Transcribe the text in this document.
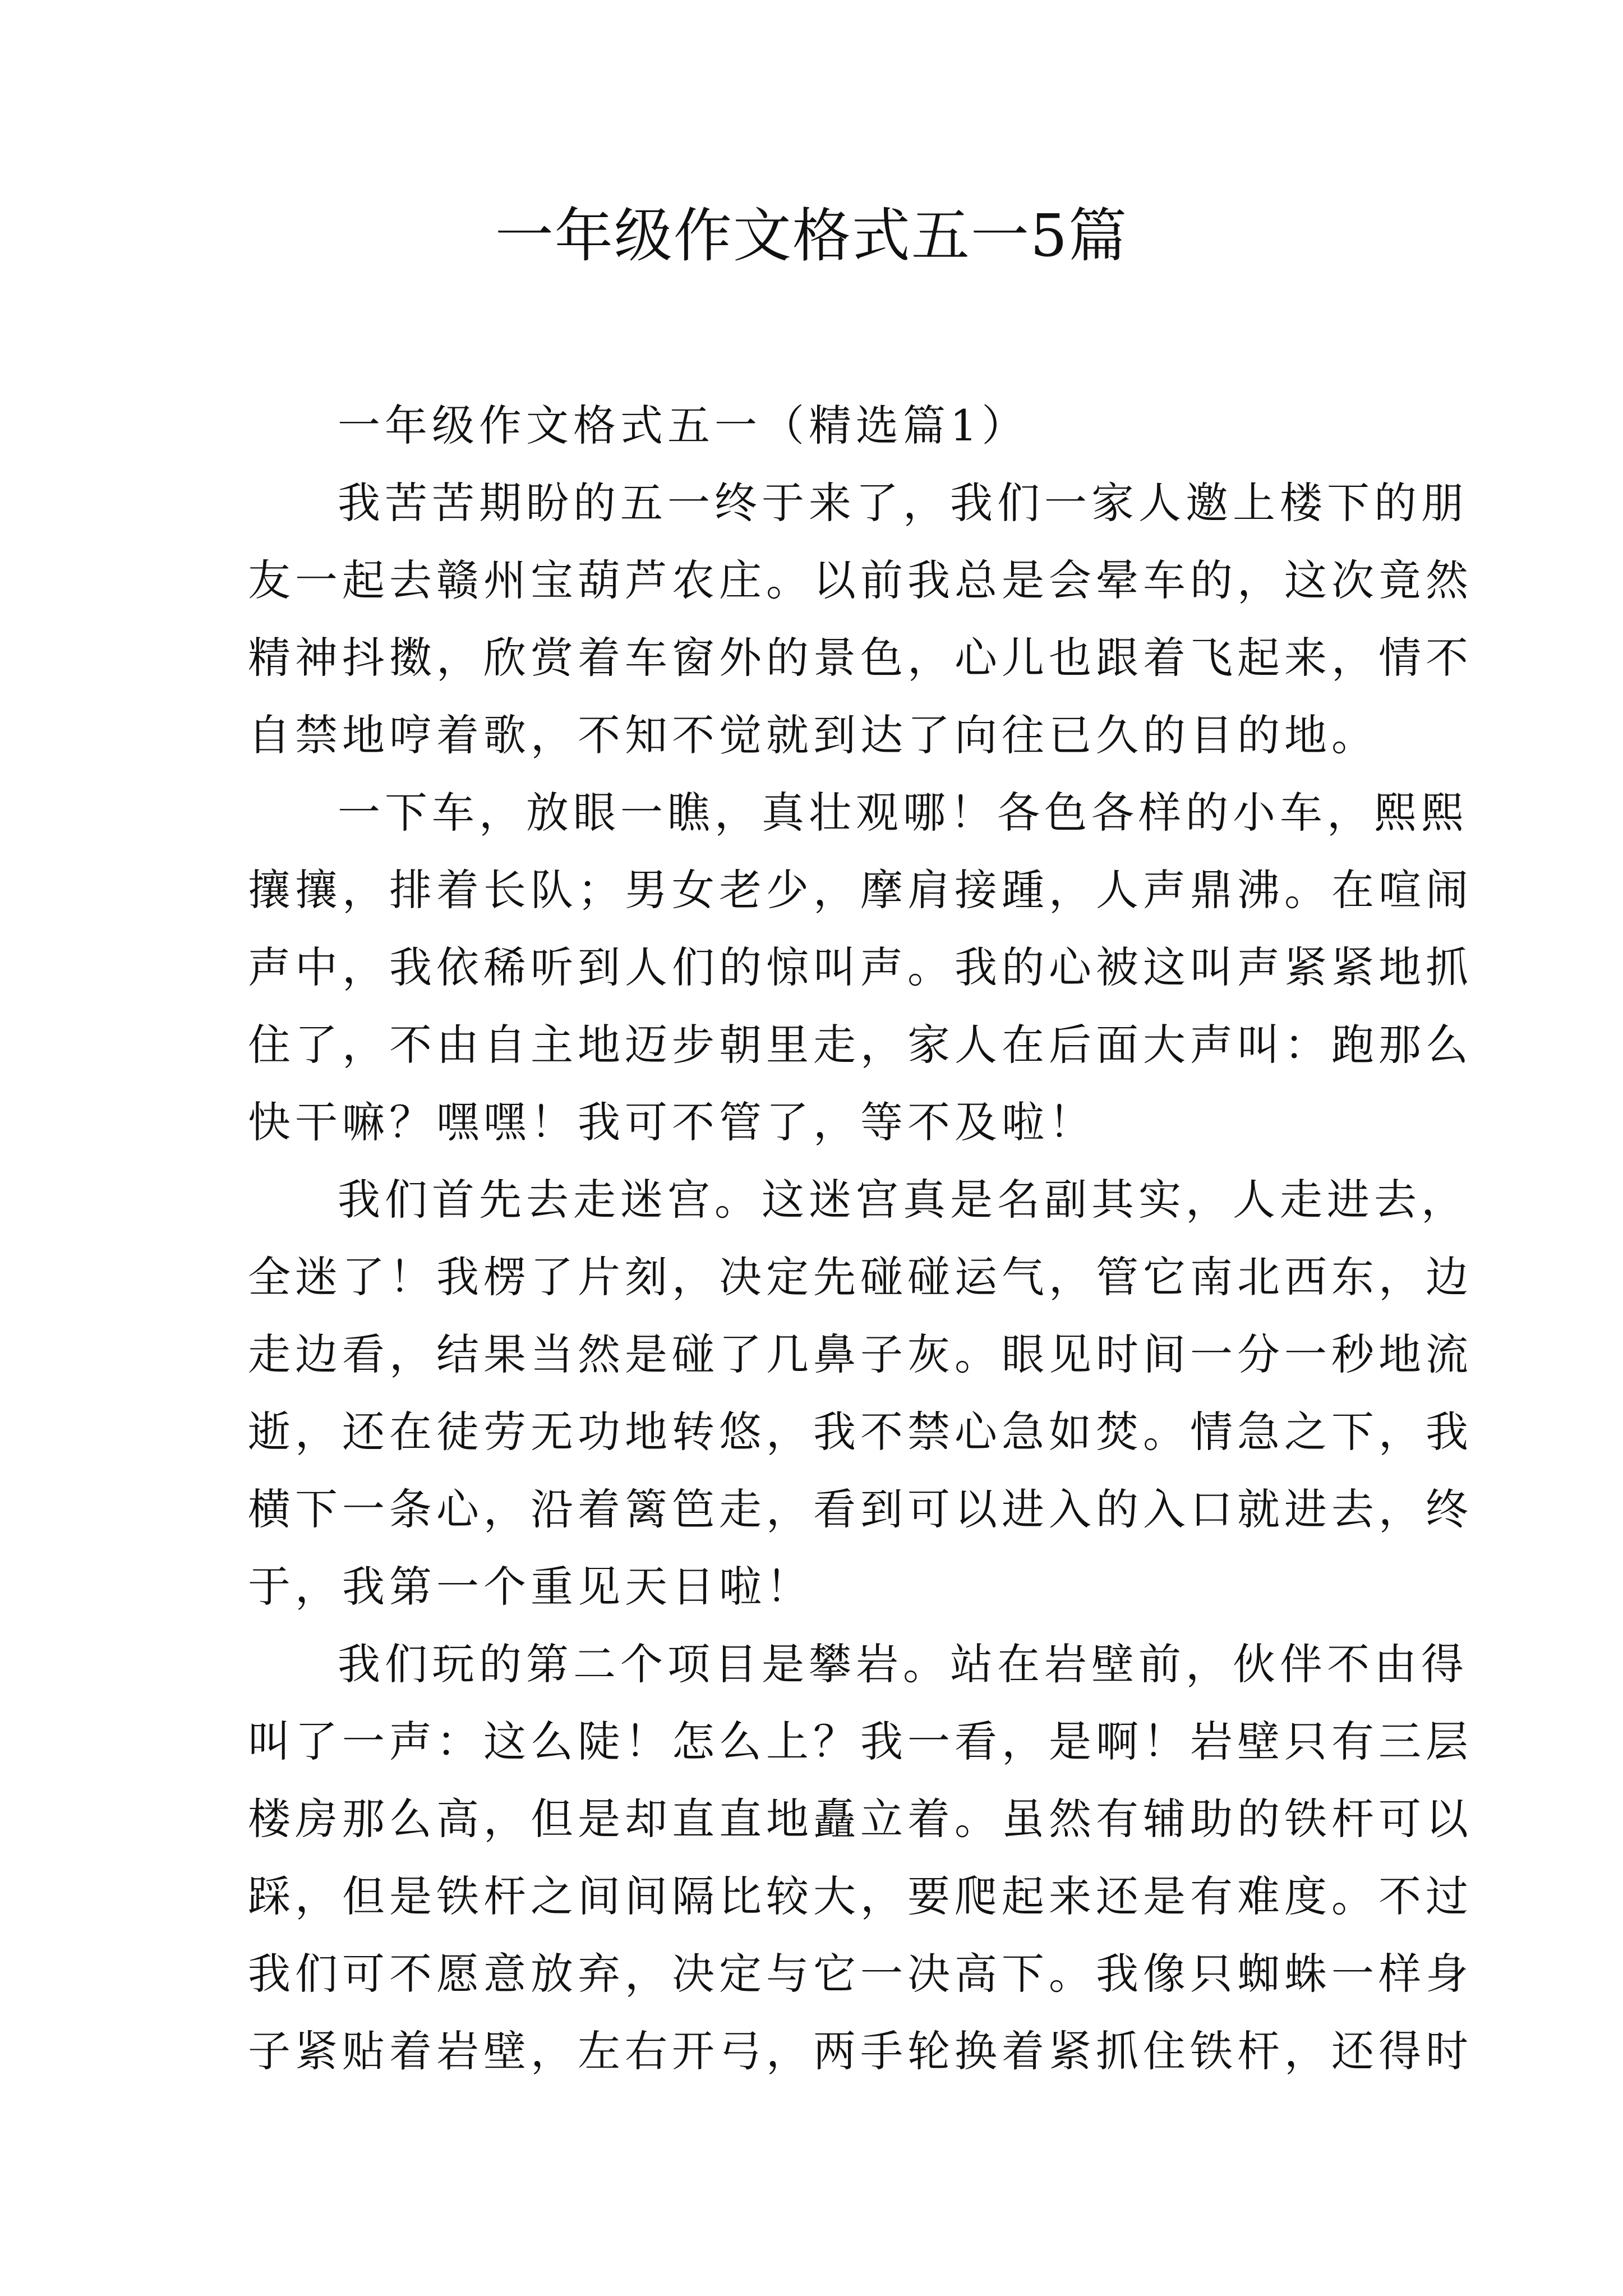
一年级作文格式五一5篇
一年级作文格式五一（精选篇1）
我苦苦期盼的五一终于来了，我们一家人邀上楼下的朋
友一起去赣州宝葫芦农庄。以前我总是会晕车的，这次竟然
精神抖擞，欣赏着车窗外的景色，心儿也跟着飞起来，情不
自禁地哼着歌，不知不觉就到达了向往已久的目的地。
一下车，放眼一瞧，真壮观哪！各色各样的小车，熙熙
攘攘，排着长队；男女老少，摩肩接踵，人声鼎沸。在喧闹
声中，我依稀听到人们的惊叫声。我的心被这叫声紧紧地抓
住了，不由自主地迈步朝里走，家人在后面大声叫：跑那么
快干嘛？嘿嘿！我可不管了，等不及啦！
我们首先去走迷宫。这迷宫真是名副其实，人走进去，
全迷了！我楞了片刻，决定先碰碰运气，管它南北西东，边
走边看，结果当然是碰了几鼻子灰。眼见时间一分一秒地流
逝，还在徒劳无功地转悠，我不禁心急如焚。情急之下，我
横下一条心，沿着篱笆走，看到可以进入的入口就进去，终
于，我第一个重见天日啦！
我们玩的第二个项目是攀岩。站在岩壁前，伙伴不由得
叫了一声：这么陡！怎么上？我一看，是啊！岩壁只有三层
楼房那么高，但是却直直地矗立着。虽然有辅助的铁杆可以
踩，但是铁杆之间间隔比较大，要爬起来还是有难度。不过
我们可不愿意放弃，决定与它一决高下。我像只蜘蛛一样身
子紧贴着岩壁，左右开弓，两手轮换着紧抓住铁杆，还得时
